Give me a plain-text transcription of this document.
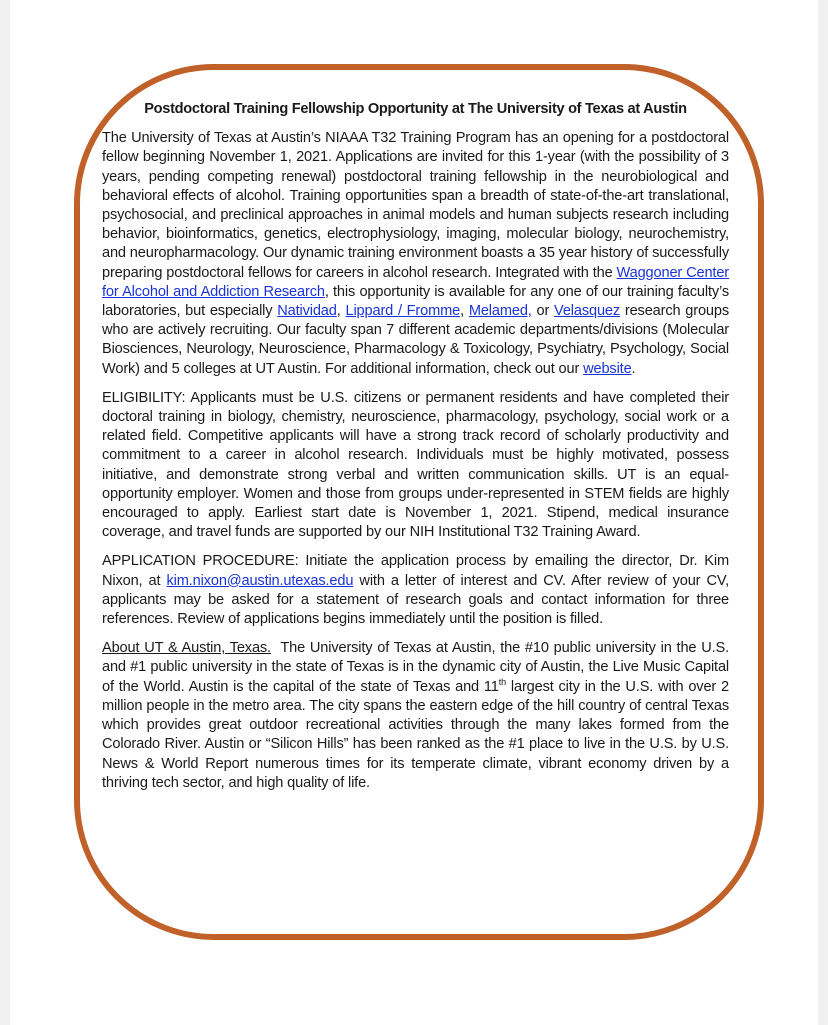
Postdoctoral Training Fellowship Opportunity at The University of Texas at Austin

The University of Texas at Austin’s NIAAA T32 Training Program has an opening for a postdoctoral fellow beginning November 1, 2021. Applications are invited for this 1-year (with the possibility of 3 years, pending competing renewal) postdoctoral training fellowship in the neurobiological and behavioral effects of alcohol. Training opportunities span a breadth of state-of-the-art translational, psychosocial, and preclinical approaches in animal models and human subjects research including behavior, bioinformatics, genetics, electrophysiology, imaging, molecular biology, neurochemistry, and neuropharmacology. Our dynamic training environment boasts a 35 year history of successfully preparing postdoctoral fellows for careers in alcohol research. Integrated with the Waggoner Center for Alcohol and Addiction Research, this opportunity is available for any one of our training faculty’s laboratories, but especially Natividad, Lippard / Fromme, Melamed, or Velasquez research groups who are actively recruiting. Our faculty span 7 different academic departments/divisions (Molecular Biosciences, Neurology, Neuroscience, Pharmacology & Toxicology, Psychiatry, Psychology, Social Work) and 5 colleges at UT Austin. For additional information, check out our website.

ELIGIBILITY: Applicants must be U.S. citizens or permanent residents and have completed their doctoral training in biology, chemistry, neuroscience, pharmacology, psychology, social work or a related field. Competitive applicants will have a strong track record of scholarly productivity and commitment to a career in alcohol research. Individuals must be highly motivated, possess initiative, and demonstrate strong verbal and written communication skills. UT is an equal-opportunity employer. Women and those from groups under-represented in STEM fields are highly encouraged to apply. Earliest start date is November 1, 2021. Stipend, medical insurance coverage, and travel funds are supported by our NIH Institutional T32 Training Award.

APPLICATION PROCEDURE: Initiate the application process by emailing the director, Dr. Kim Nixon, at kim.nixon@austin.utexas.edu with a letter of interest and CV. After review of your CV, applicants may be asked for a statement of research goals and contact information for three references. Review of applications begins immediately until the position is filled.

About UT & Austin, Texas.  The University of Texas at Austin, the #10 public university in the U.S. and #1 public university in the state of Texas is in the dynamic city of Austin, the Live Music Capital of the World. Austin is the capital of the state of Texas and 11th largest city in the U.S. with over 2 million people in the metro area. The city spans the eastern edge of the hill country of central Texas which provides great outdoor recreational activities through the many lakes formed from the Colorado River. Austin or “Silicon Hills” has been ranked as the #1 place to live in the U.S. by U.S. News & World Report numerous times for its temperate climate, vibrant economy driven by a thriving tech sector, and high quality of life.
